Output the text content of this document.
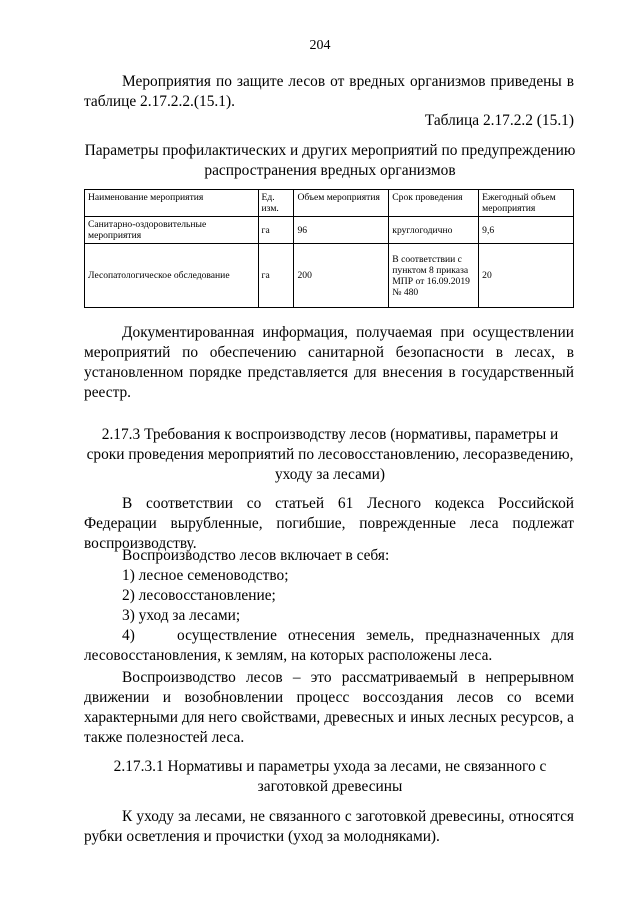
204
Мероприятия по защите лесов от вредных организмов приведены в таблице 2.17.2.2.(15.1).
Таблица 2.17.2.2 (15.1)
Параметры профилактических и других мероприятий по предупреждению
распространения вредных организмов
Наименование мероприятия	Ед. изм.	Объем мероприятия	Срок проведения	Ежегодный объем мероприятия
Санитарно-оздоровительные мероприятия	га	96	круглогодично	9,6
Лесопатологическое обследование	га	200	В соответствии с пунктом 8 приказа МПР от 16.09.2019 № 480	20
Документированная информация, получаемая при осуществлении мероприятий по обеспечению санитарной безопасности в лесах, в установленном порядке представляется для внесения в государственный реестр.
2.17.3 Требования к воспроизводству лесов (нормативы, параметры и
сроки проведения мероприятий по лесовосстановлению, лесоразведению,
уходу за лесами)
В соответствии со статьей 61 Лесного кодекса Российской Федерации вырубленные, погибшие, поврежденные леса подлежат воспроизводству.
Воспроизводство лесов включает в себя:
1) лесное семеноводство;
2) лесовосстановление;
3) уход за лесами;
4)	осуществление отнесения земель, предназначенных для лесовосстановления, к землям, на которых расположены леса.
Воспроизводство лесов – это рассматриваемый в непрерывном движении и возобновлении процесс воссоздания лесов со всеми характерными для него свойствами, древесных и иных лесных ресурсов, а также полезностей леса.
2.17.3.1 Нормативы и параметры ухода за лесами, не связанного с
заготовкой древесины
К уходу за лесами, не связанного с заготовкой древесины, относятся рубки осветления и прочистки (уход за молодняками).
